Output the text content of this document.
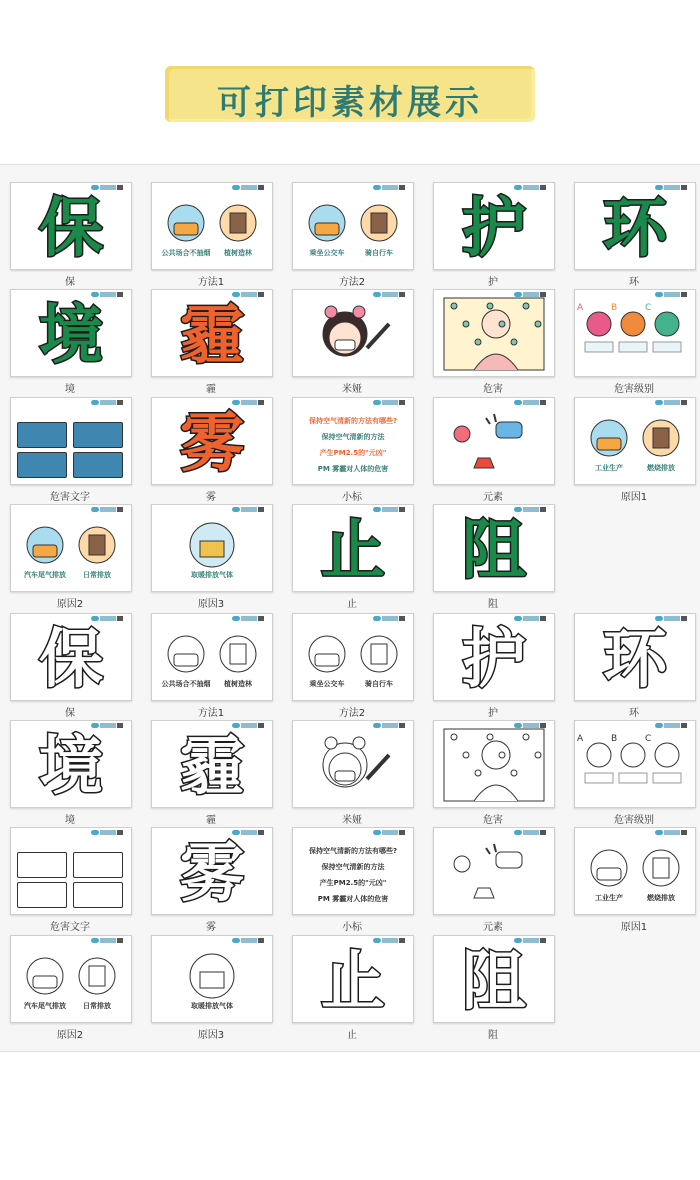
可打印素材展示
保
保
公共场合不抽烟 植树造林
方法1
乘坐公交车	骑自行车
方法2
护
护
环
环
境
境
霾
霾	米娅	危害
A	B	C
危害级别
危害文字
雾
雾
保持空气清新的方法有哪些?
保持空气清新的方法
产生PM2.5的"元凶"
PM 雾霾对人体的危害
小标	元素
工业生产	燃烧排放
原因1
汽车尾气排放 日常排放
原因2
取暖排放气体
原因3
止
止
阻
阻
保
保
公共场合不抽烟 植树造林
方法1
乘坐公交车	骑自行车
方法2
护
护
环
环
境
境
霾
霾	米娅	危害
A	B	C
危害级别
危害文字
雾
雾
保持空气清新的方法有哪些?
保持空气清新的方法
产生PM2.5的"元凶"
PM 雾霾对人体的危害
小标	元素
工业生产	燃烧排放
原因1
汽车尾气排放 日常排放
原因2
取暖排放气体
原因3
止
止
阻
阻
